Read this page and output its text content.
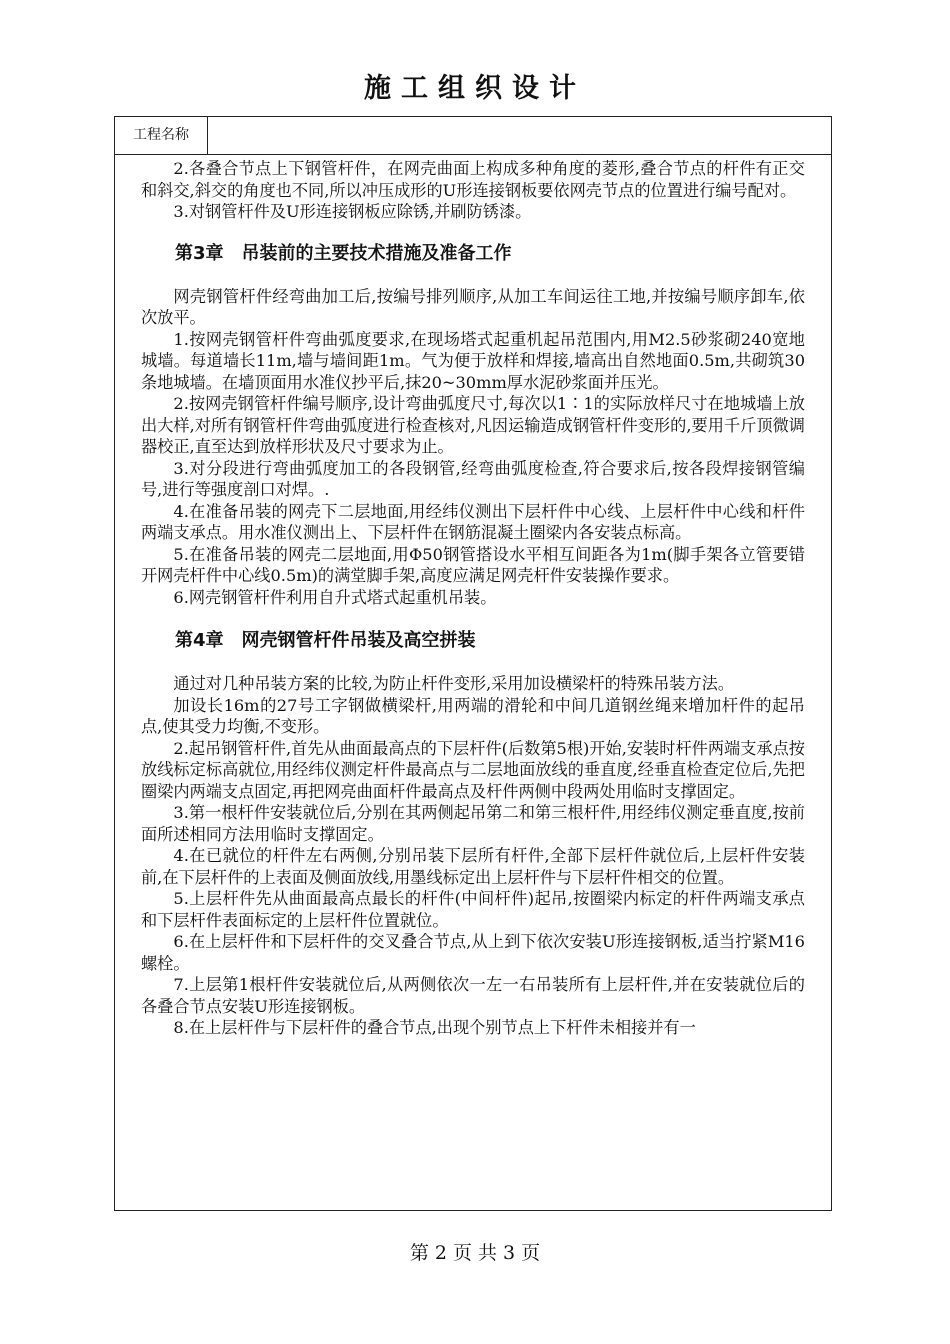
施工组织设计
工程名称

2.各叠合节点上下钢管杆件，在网壳曲面上构成多种角度的菱形,叠合节点的杆件有正交和斜交,斜交的角度也不同,所以冲压成形的U形连接钢板要依网壳节点的位置进行编号配对。

3.对钢管杆件及U形连接钢板应除锈,并刷防锈漆。

第3章　吊装前的主要技术措施及准备工作

网壳钢管杆件经弯曲加工后,按编号排列顺序,从加工车间运往工地,并按编号顺序卸车,依次放平。

1.按网壳钢管杆件弯曲弧度要求,在现场塔式起重机起吊范围内,用M2.5砂浆砌240宽地城墙。每道墙长11m,墙与墙间距1m。气为便于放样和焊接,墙高出自然地面0.5m,共砌筑30条地城墙。在墙顶面用水准仪抄平后,抹20~30mm厚水泥砂浆面并压光。

2.按网壳钢管杆件编号顺序,设计弯曲弧度尺寸,每次以1∶1的实际放样尺寸在地城墙上放出大样,对所有钢管杆件弯曲弧度进行检查核对,凡因运输造成钢管杆件变形的,要用千斤顶微调器校正,直至达到放样形状及尺寸要求为止。

3.对分段进行弯曲弧度加工的各段钢管,经弯曲弧度检查,符合要求后,按各段焊接钢管编号,进行等强度剖口对焊。.

4.在准备吊装的网壳下二层地面,用经纬仪测出下层杆件中心线、上层杆件中心线和杆件两端支承点。用水准仪测出上、下层杆件在钢筋混凝土圈梁内各安装点标高。

5.在准备吊装的网壳二层地面,用Φ50钢管搭设水平相互间距各为1m(脚手架各立管要错开网壳杆件中心线0.5m)的满堂脚手架,高度应满足网壳杆件安装操作要求。

6.网壳钢管杆件利用自升式塔式起重机吊装。

第4章　网壳钢管杆件吊装及高空拼装

通过对几种吊装方案的比较,为防止杆件变形,采用加设横梁杆的特殊吊装方法。

加设长16m的27号工字钢做横梁杆,用两端的滑轮和中间几道钢丝绳来增加杆件的起吊点,使其受力均衡,不变形。

2.起吊钢管杆件,首先从曲面最高点的下层杆件(后数第5根)开始,安装时杆件两端支承点按放线标定标高就位,用经纬仪测定杆件最高点与二层地面放线的垂直度,经垂直检查定位后,先把圈梁内两端支点固定,再把网亮曲面杆件最高点及杆件两侧中段两处用临时支撑固定。

3.第一根杆件安装就位后,分别在其两侧起吊第二和第三根杆件,用经纬仪测定垂直度,按前面所述相同方法用临时支撑固定。

4.在已就位的杆件左右两侧,分别吊装下层所有杆件,全部下层杆件就位后,上层杆件安装前,在下层杆件的上表面及侧面放线,用墨线标定出上层杆件与下层杆件相交的位置。

5.上层杆件先从曲面最高点最长的杆件(中间杆件)起吊,按圈梁内标定的杆件两端支承点和下层杆件表面标定的上层杆件位置就位。

6.在上层杆件和下层杆件的交叉叠合节点,从上到下依次安装U形连接钢板,适当拧紧M16螺栓。

7.上层第1根杆件安装就位后,从两侧依次一左一右吊装所有上层杆件,并在安装就位后的各叠合节点安装U形连接钢板。

8.在上层杆件与下层杆件的叠合节点,出现个别节点上下杆件未相接并有一

第 2 页 共 3 页
